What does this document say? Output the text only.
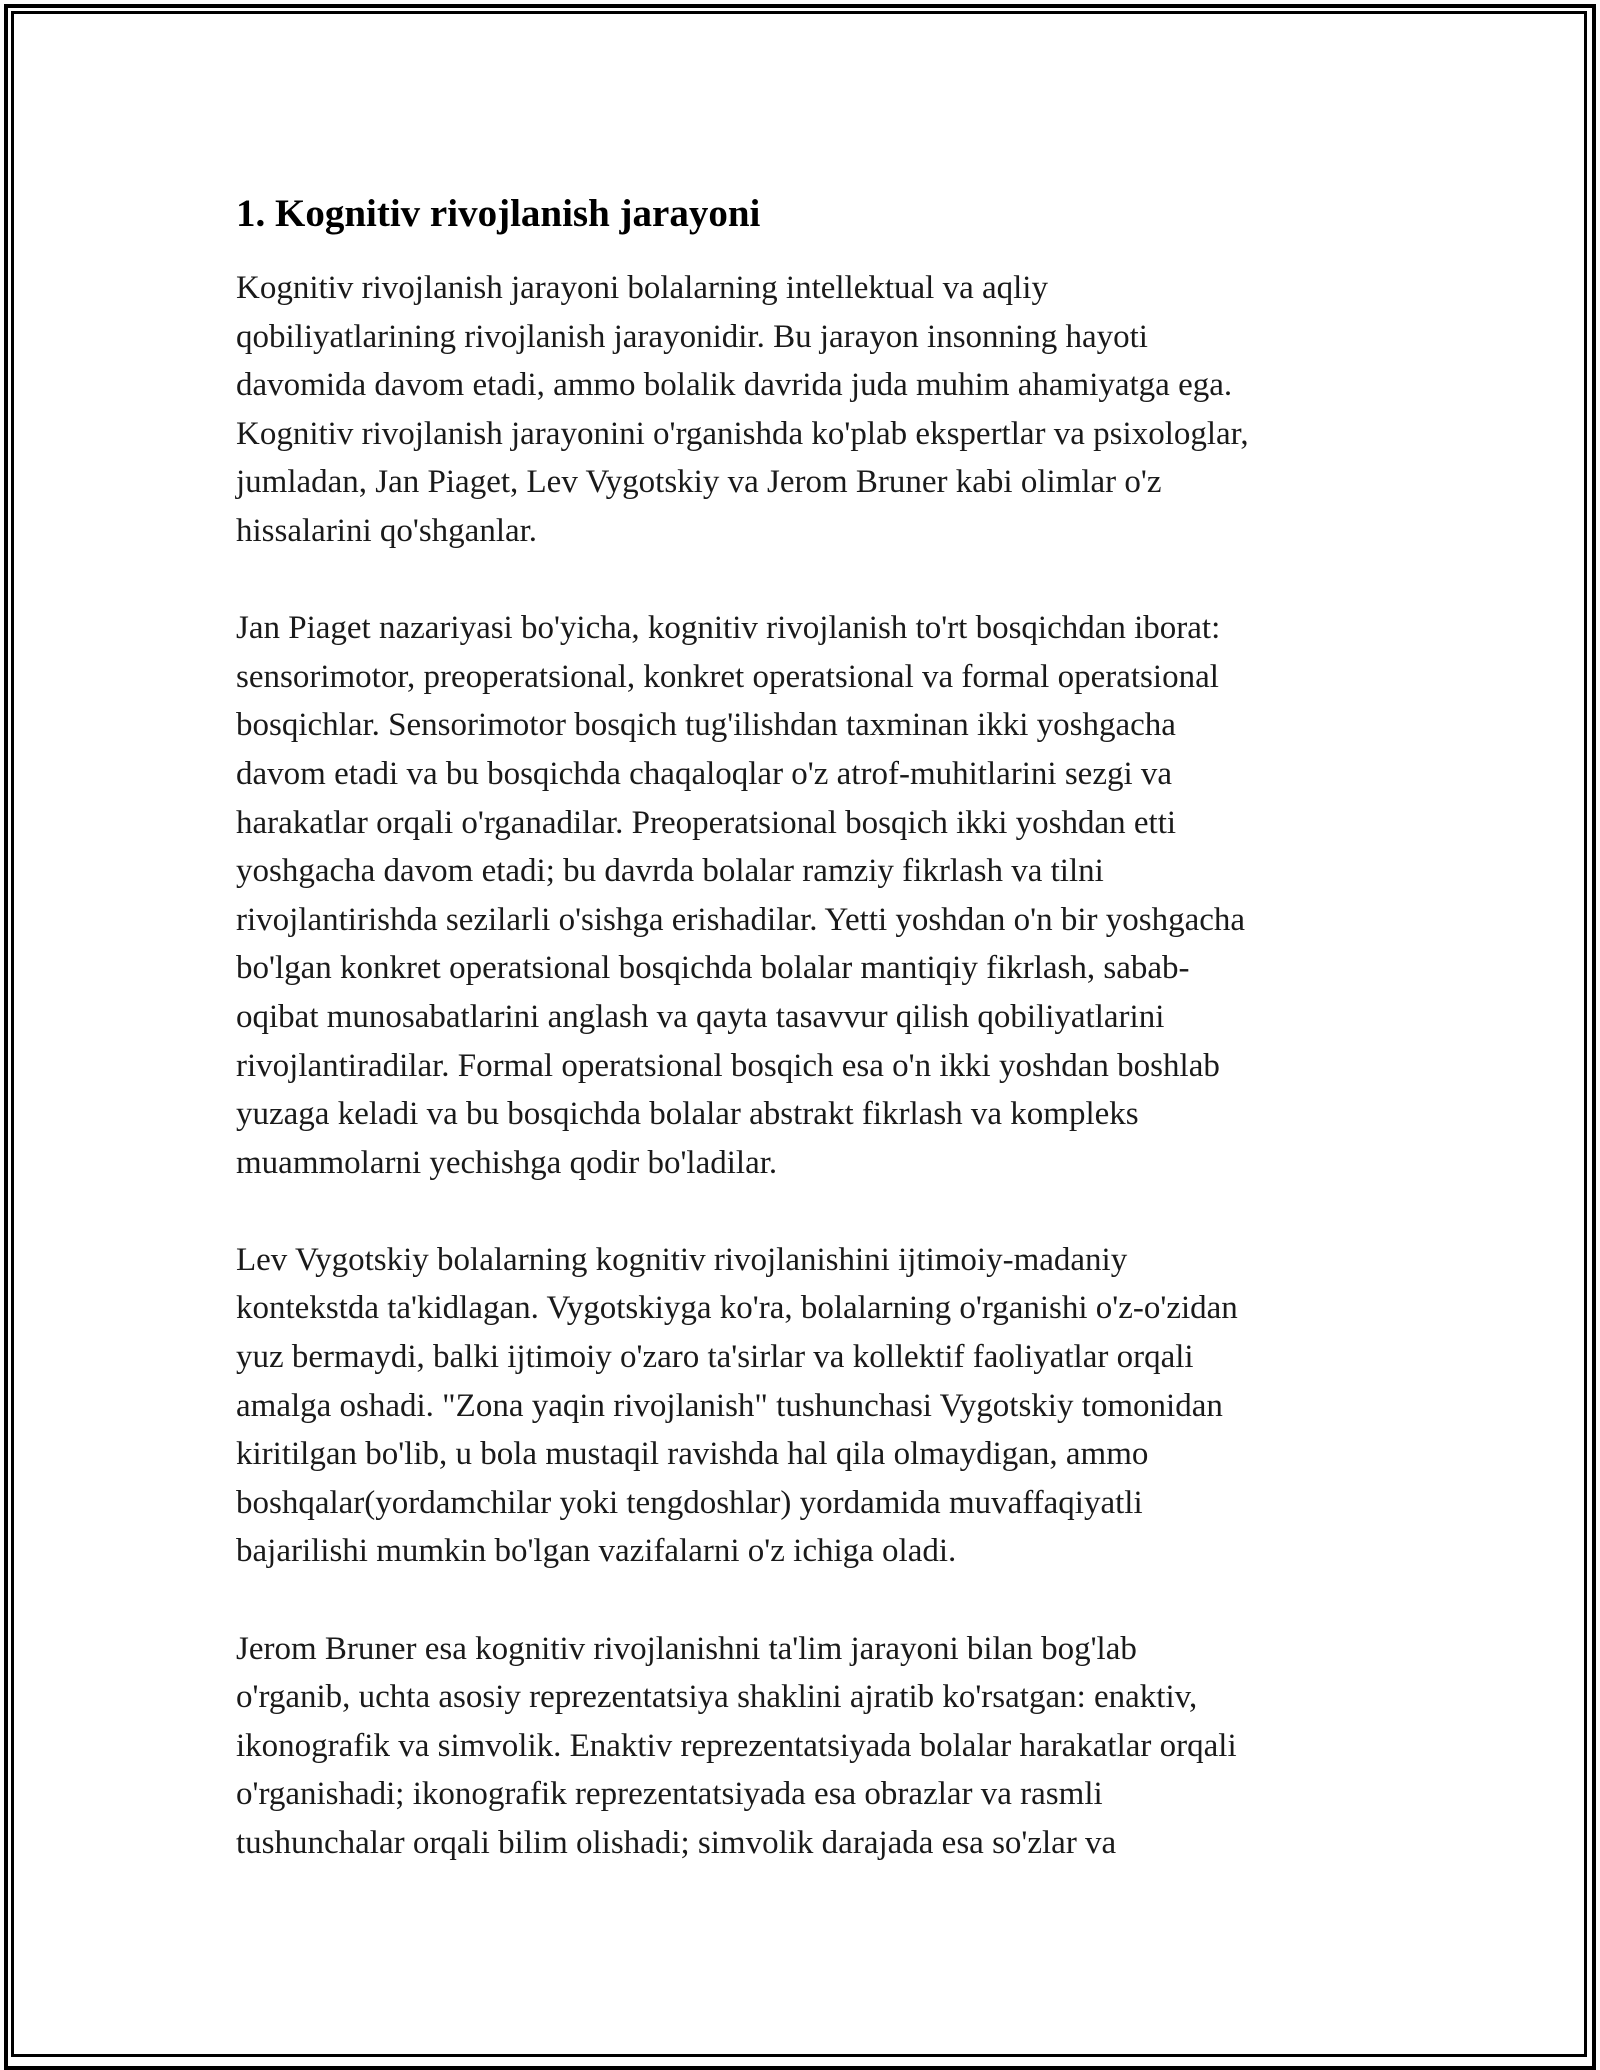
1. Kognitiv rivojlanish jarayoni

Kognitiv rivojlanish jarayoni bolalarning intellektual va aqliy
qobiliyatlarining rivojlanish jarayonidir. Bu jarayon insonning hayoti
davomida davom etadi, ammo bolalik davrida juda muhim ahamiyatga ega.
Kognitiv rivojlanish jarayonini o'rganishda ko'plab ekspertlar va psixologlar,
jumladan, Jan Piaget, Lev Vygotskiy va Jerom Bruner kabi olimlar o'z
hissalarini qo'shganlar.

Jan Piaget nazariyasi bo'yicha, kognitiv rivojlanish to'rt bosqichdan iborat:
sensorimotor, preoperatsional, konkret operatsional va formal operatsional
bosqichlar. Sensorimotor bosqich tug'ilishdan taxminan ikki yoshgacha
davom etadi va bu bosqichda chaqaloqlar o'z atrof-muhitlarini sezgi va
harakatlar orqali o'rganadilar. Preoperatsional bosqich ikki yoshdan etti
yoshgacha davom etadi; bu davrda bolalar ramziy fikrlash va tilni
rivojlantirishda sezilarli o'sishga erishadilar. Yetti yoshdan o'n bir yoshgacha
bo'lgan konkret operatsional bosqichda bolalar mantiqiy fikrlash, sabab-
oqibat munosabatlarini anglash va qayta tasavvur qilish qobiliyatlarini
rivojlantiradilar. Formal operatsional bosqich esa o'n ikki yoshdan boshlab
yuzaga keladi va bu bosqichda bolalar abstrakt fikrlash va kompleks
muammolarni yechishga qodir bo'ladilar.

Lev Vygotskiy bolalarning kognitiv rivojlanishini ijtimoiy-madaniy
kontekstda ta'kidlagan. Vygotskiyga ko'ra, bolalarning o'rganishi o'z-o'zidan
yuz bermaydi, balki ijtimoiy o'zaro ta'sirlar va kollektif faoliyatlar orqali
amalga oshadi. "Zona yaqin rivojlanish" tushunchasi Vygotskiy tomonidan
kiritilgan bo'lib, u bola mustaqil ravishda hal qila olmaydigan, ammo
boshqalar(yordamchilar yoki tengdoshlar) yordamida muvaffaqiyatli
bajarilishi mumkin bo'lgan vazifalarni o'z ichiga oladi.

Jerom Bruner esa kognitiv rivojlanishni ta'lim jarayoni bilan bog'lab
o'rganib, uchta asosiy reprezentatsiya shaklini ajratib ko'rsatgan: enaktiv,
ikonografik va simvolik. Enaktiv reprezentatsiyada bolalar harakatlar orqali
o'rganishadi; ikonografik reprezentatsiyada esa obrazlar va rasmli
tushunchalar orqali bilim olishadi; simvolik darajada esa so'zlar va
